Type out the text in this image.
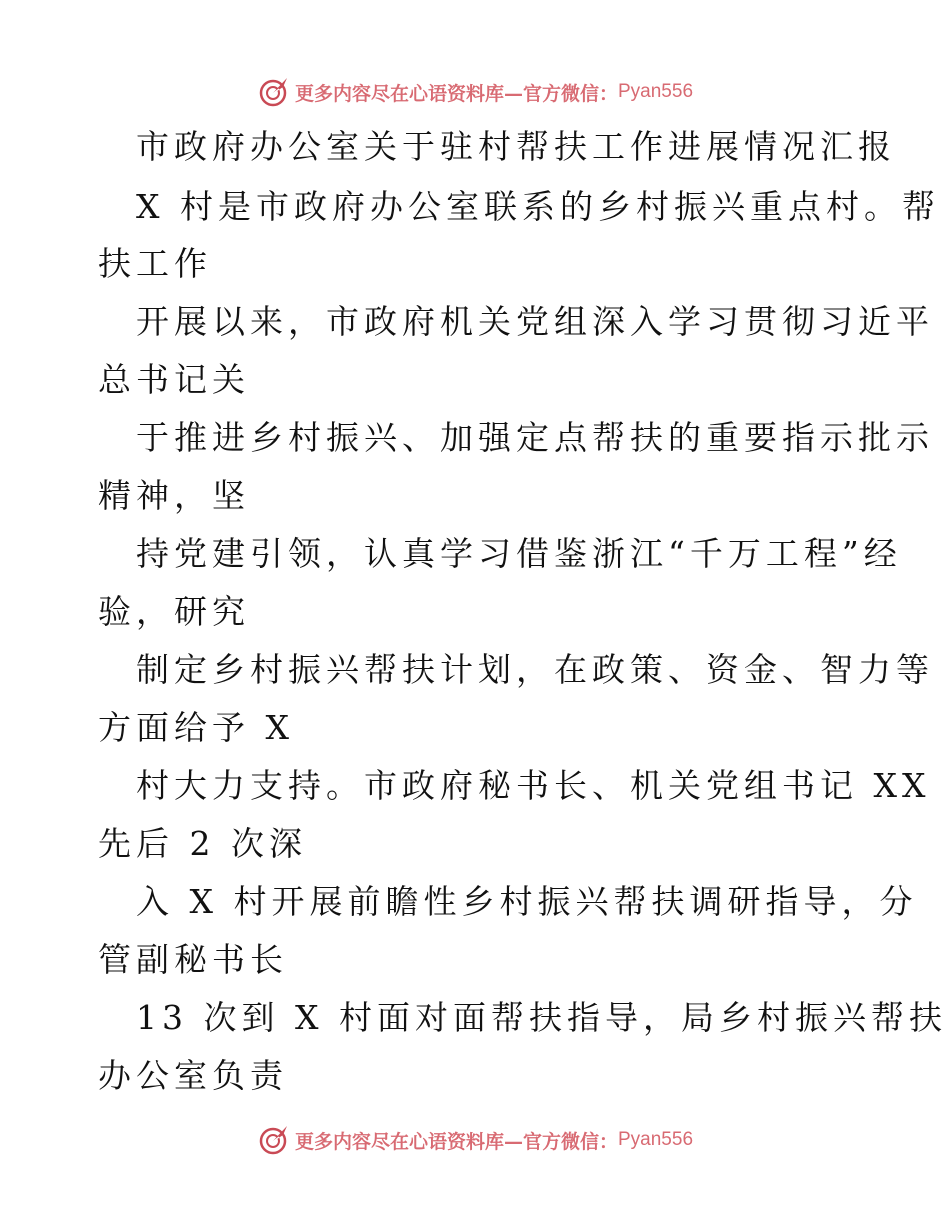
更多内容尽在心语资料库—官方微信： Pyan556

市政府办公室关于驻村帮扶工作进展情况汇报

X 村是市政府办公室联系的乡村振兴重点村。帮

扶工作

开展以来，市政府机关党组深入学习贯彻习近平

总书记关

于推进乡村振兴、加强定点帮扶的重要指示批示

精神，坚

持党建引领，认真学习借鉴浙江“千万工程”经

验，研究

制定乡村振兴帮扶计划，在政策、资金、智力等

方面给予 X

村大力支持。市政府秘书长、机关党组书记 XX

先后 2 次深

入 X 村开展前瞻性乡村振兴帮扶调研指导，分

管副秘书长

13 次到 X 村面对面帮扶指导，局乡村振兴帮扶

办公室负责

更多内容尽在心语资料库—官方微信： Pyan556
